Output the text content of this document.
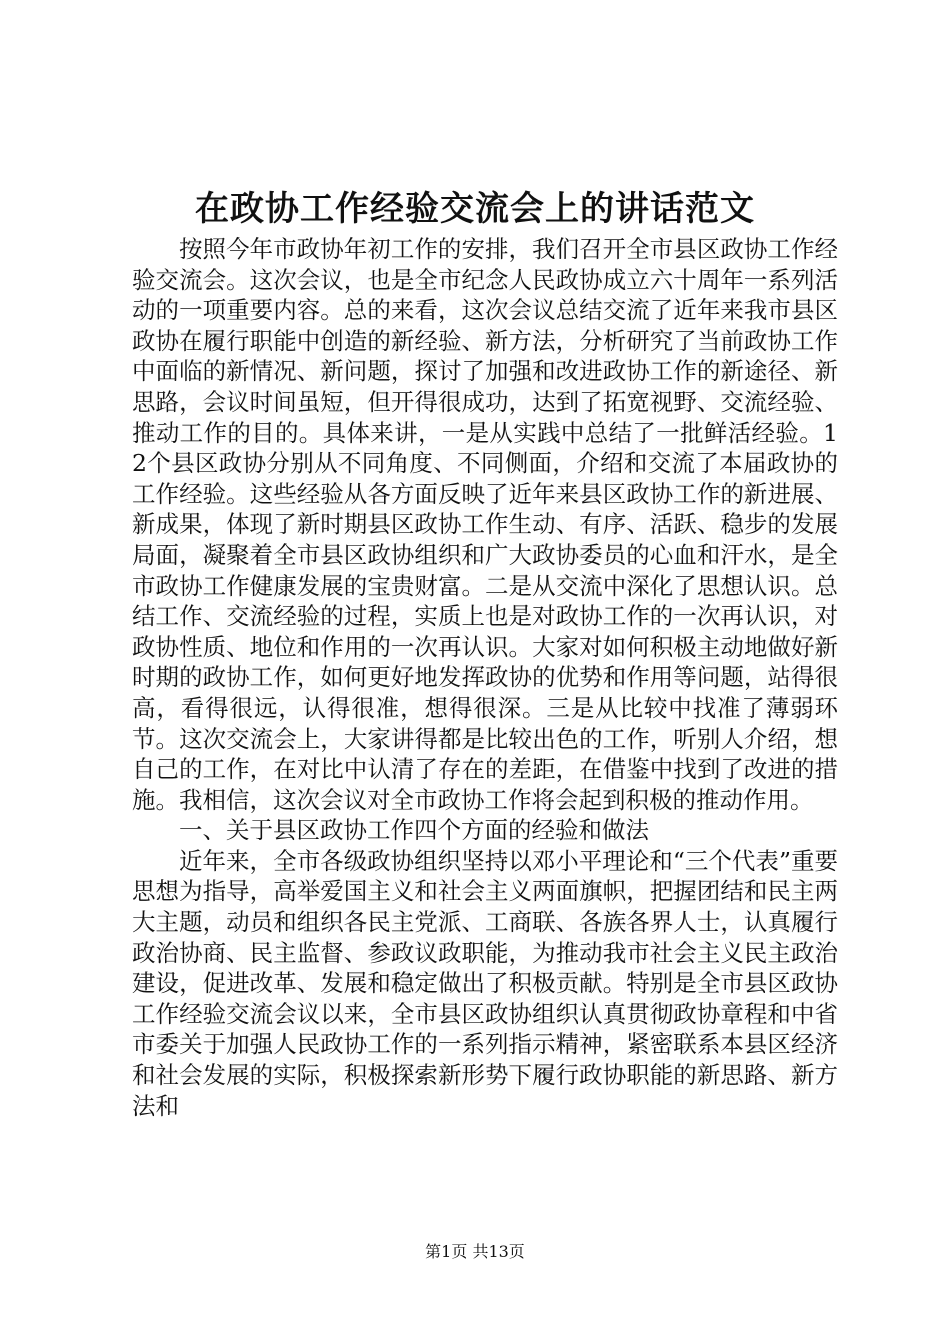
在政协工作经验交流会上的讲话范文

按照今年市政协年初工作的安排，我们召开全市县区政协工作经验交流会。这次会议，也是全市纪念人民政协成立六十周年一系列活动的一项重要内容。总的来看，这次会议总结交流了近年来我市县区政协在履行职能中创造的新经验、新方法，分析研究了当前政协工作中面临的新情况、新问题，探讨了加强和改进政协工作的新途径、新思路，会议时间虽短，但开得很成功，达到了拓宽视野、交流经验、推动工作的目的。具体来讲，一是从实践中总结了一批鲜活经验。12个县区政协分别从不同角度、不同侧面，介绍和交流了本届政协的工作经验。这些经验从各方面反映了近年来县区政协工作的新进展、新成果，体现了新时期县区政协工作生动、有序、活跃、稳步的发展局面，凝聚着全市县区政协组织和广大政协委员的心血和汗水，是全市政协工作健康发展的宝贵财富。二是从交流中深化了思想认识。总结工作、交流经验的过程，实质上也是对政协工作的一次再认识，对政协性质、地位和作用的一次再认识。大家对如何积极主动地做好新时期的政协工作，如何更好地发挥政协的优势和作用等问题，站得很高，看得很远，认得很准，想得很深。三是从比较中找准了薄弱环节。这次交流会上，大家讲得都是比较出色的工作，听别人介绍，想自己的工作，在对比中认清了存在的差距，在借鉴中找到了改进的措施。我相信，这次会议对全市政协工作将会起到积极的推动作用。

一、关于县区政协工作四个方面的经验和做法

近年来，全市各级政协组织坚持以邓小平理论和“三个代表”重要思想为指导，高举爱国主义和社会主义两面旗帜，把握团结和民主两大主题，动员和组织各民主党派、工商联、各族各界人士，认真履行政治协商、民主监督、参政议政职能，为推动我市社会主义民主政治建设，促进改革、发展和稳定做出了积极贡献。特别是全市县区政协工作经验交流会议以来，全市县区政协组织认真贯彻政协章程和中省市委关于加强人民政协工作的一系列指示精神，紧密联系本县区经济和社会发展的实际，积极探索新形势下履行政协职能的新思路、新方法和

第1页 共13页
